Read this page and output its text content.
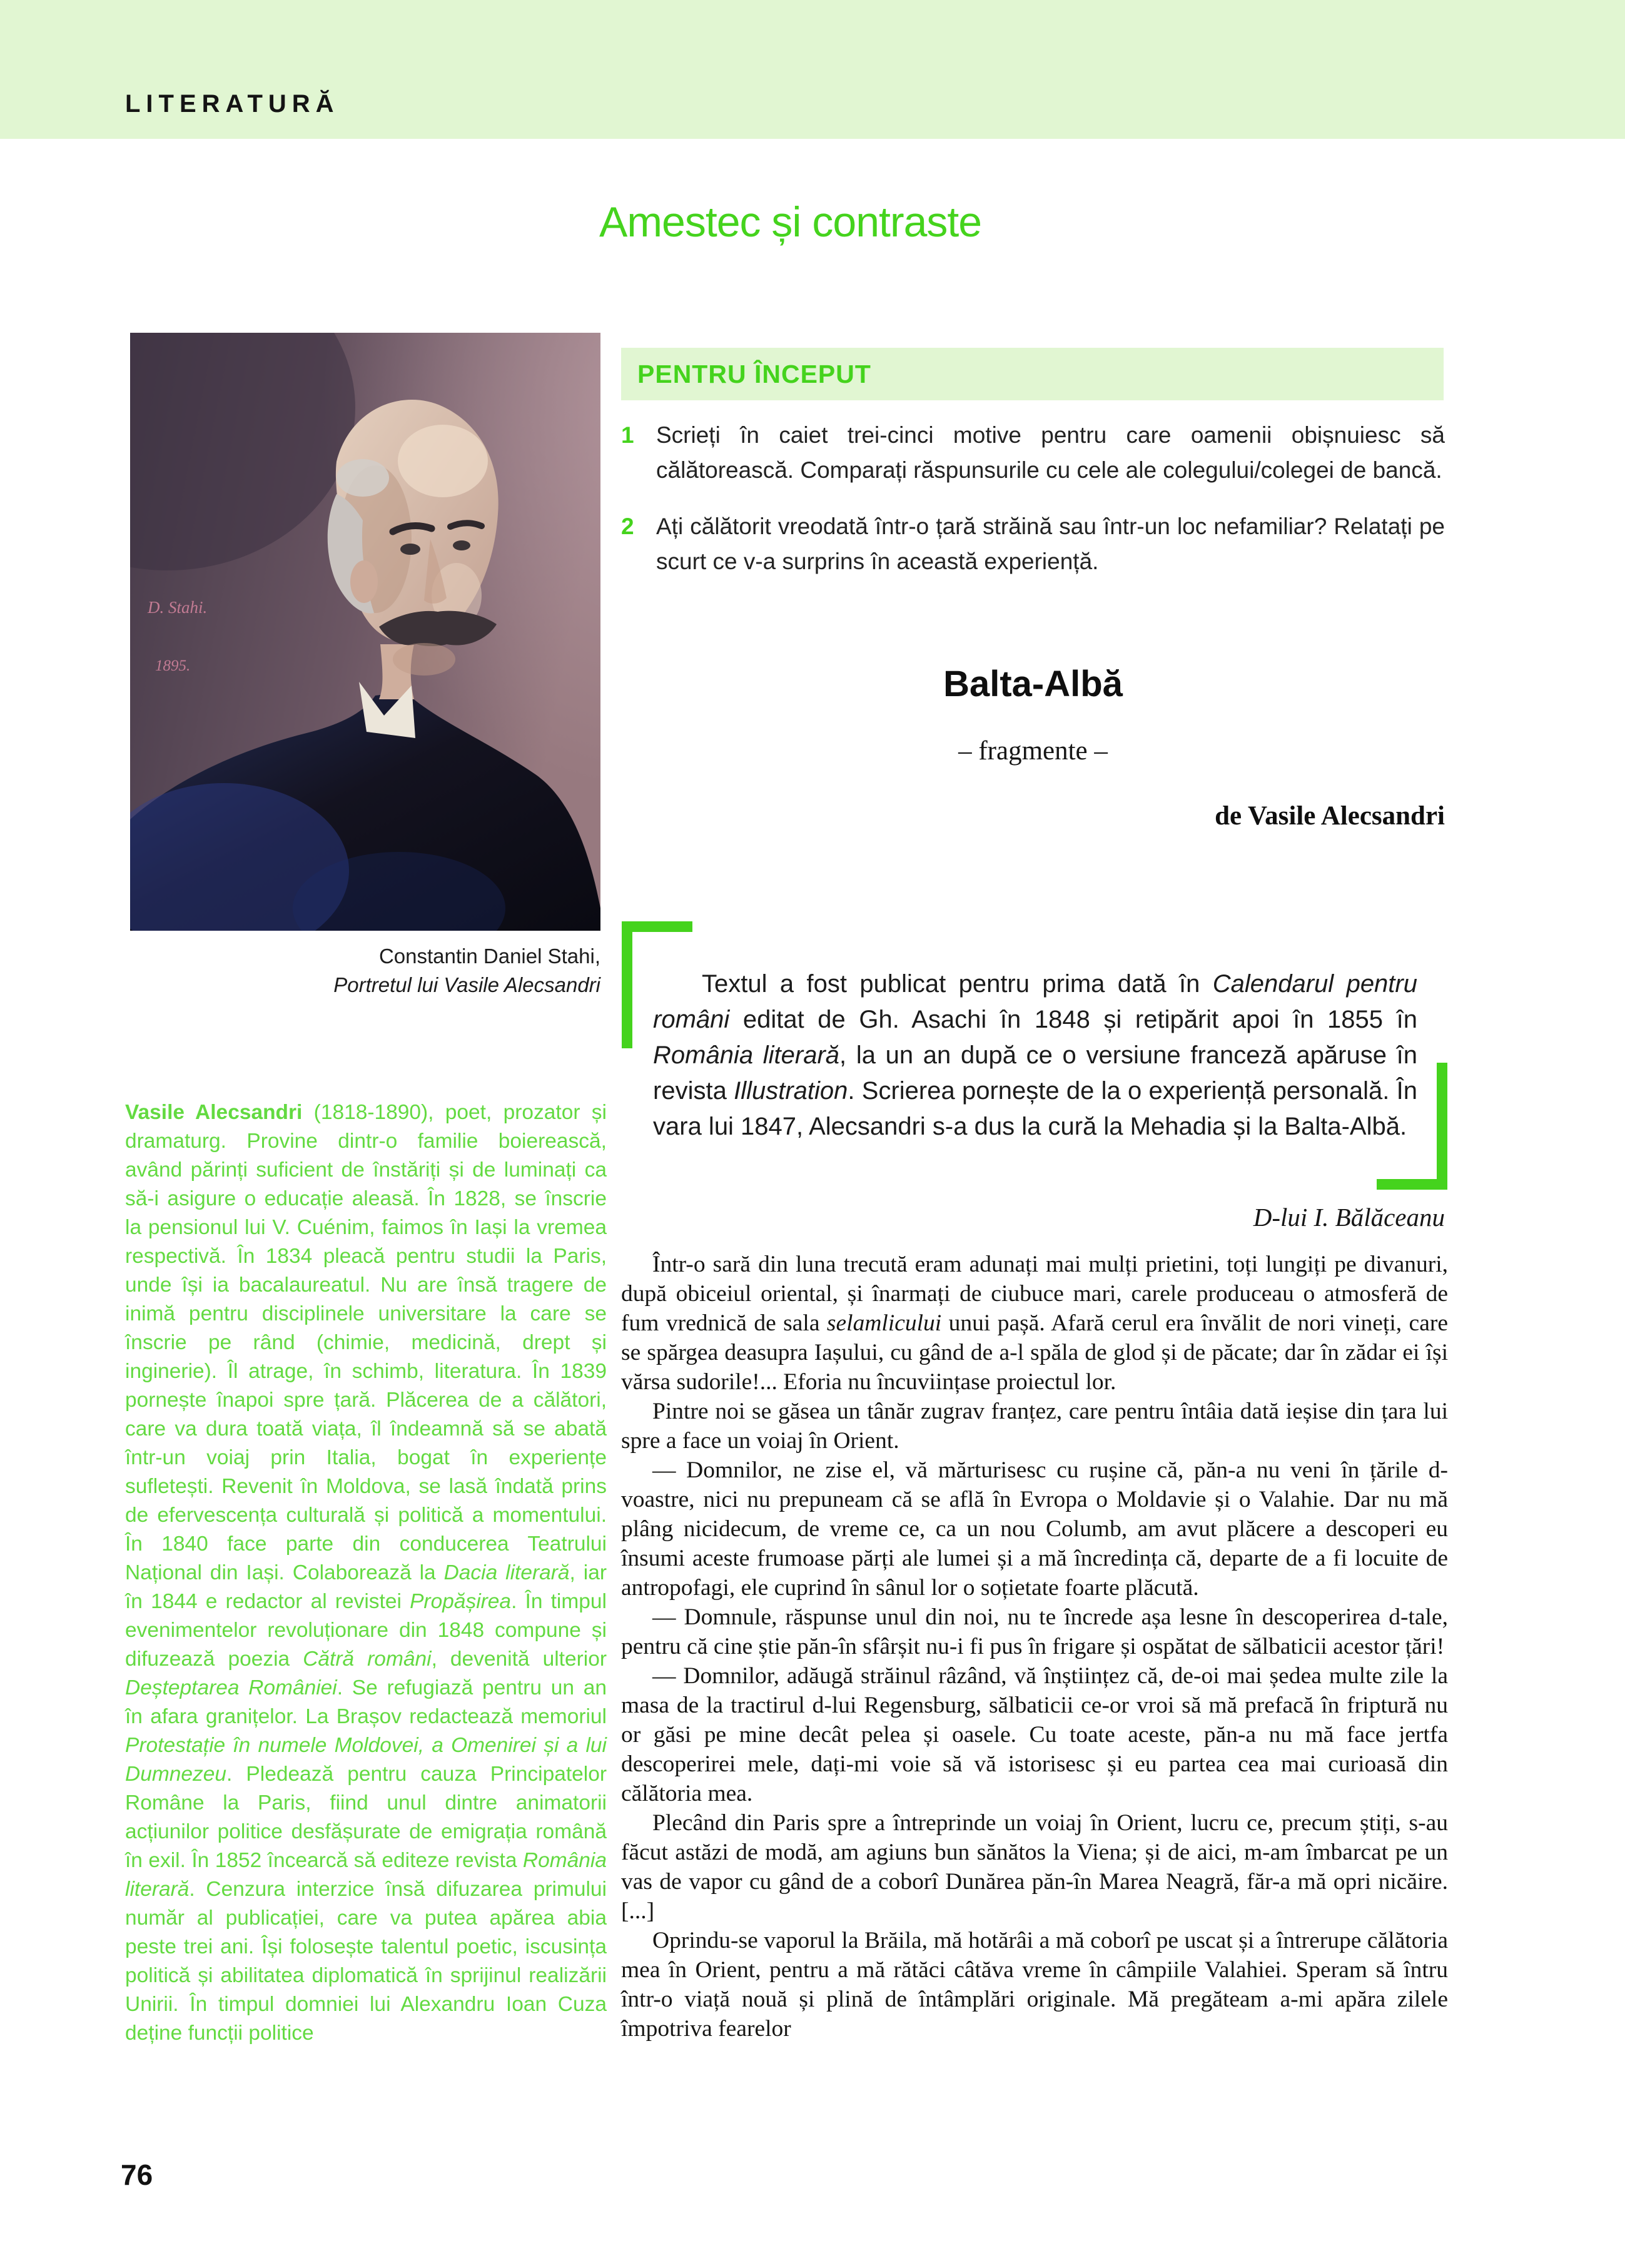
LITERATURĂ
Amestec și contraste
D. Stahi.
1895.
Constantin Daniel Stahi,
Portretul lui Vasile Alecsandri
Vasile Alecsandri (1818-1890), poet, prozator și dramaturg. Provine dintr-o familie boierească, având părinți suficient de înstăriți și de luminați ca să-i asigure o educație aleasă. În 1828, se înscrie la pensionul lui V. Cuénim, faimos în Iași la vremea respectivă. În 1834 pleacă pentru studii la Paris, unde își ia bacalaureatul. Nu are însă tragere de inimă pentru disciplinele universitare la care se înscrie pe rând (chimie, medicină, drept și inginerie). Îl atrage, în schimb, literatura. În 1839 pornește înapoi spre țară. Plăcerea de a călători, care va dura toată viața, îl îndeamnă să se abată într-un voiaj prin Italia, bogat în experiențe sufletești. Revenit în Moldova, se lasă îndată prins de efervescența culturală și politică a momentului. În 1840 face parte din conducerea Teatrului Național din Iași. Colaborează la Dacia literară, iar în 1844 e redactor al revistei Propășirea. În timpul evenimentelor revoluționare din 1848 compune și difuzează poezia Cătră români, devenită ulterior Deșteptarea României. Se refugiază pentru un an în afara granițelor. La Brașov redactează memoriul Protestație în numele Moldovei, a Omenirei și a lui Dumnezeu. Pledează pentru cauza Principatelor Române la Paris, fiind unul dintre animatorii acțiunilor politice desfășurate de emigrația română în exil. În 1852 încearcă să editeze revista România literară. Cenzura interzice însă difuzarea primului număr al publicației, care va putea apărea abia peste trei ani. Își folosește talentul poetic, iscusința politică și abilitatea diplomatică în sprijinul realizării Unirii. În timpul domniei lui Alexandru Ioan Cuza deține funcții politice
PENTRU ÎNCEPUT
1 Scrieți în caiet trei-cinci motive pentru care oamenii obișnuiesc să călătorească. Comparați răspunsurile cu cele ale colegului/colegei de bancă.

2 Ați călătorit vreodată într-o țară străină sau într-un loc nefamiliar? Relatați pe scurt ce v-a surprins în această experiență.

Balta-Albă
– fragmente –
de Vasile Alecsandri

Textul a fost publicat pentru prima dată în Calendarul pentru români editat de Gh. Asachi în 1848 și retipărit apoi în 1855 în România literară, la un an după ce o versiune franceză apăruse în revista Illustration. Scrierea pornește de la o experiență personală. În vara lui 1847, Alecsandri s-a dus la cură la Mehadia și la Balta-Albă.

D-lui I. Bălăceanu

Într-o sară din luna trecută eram adunați mai mulți prietini, toți lungiți pe divanuri, după obiceiul oriental, și înarmați de ciubuce mari, carele produceau o atmosferă de fum vrednică de sala selamlicului unui pașă. Afară cerul era învălit de nori vineți, care se spărgea deasupra Iașului, cu gând de a-l spăla de glod și de păcate; dar în zădar ei își vărsa sudorile!... Eforia nu încuviințase proiectul lor.

Pintre noi se găsea un tânăr zugrav franțez, care pentru întâia dată ieșise din țara lui spre a face un voiaj în Orient.

— Domnilor, ne zise el, vă mărturisesc cu rușine că, păn-a nu veni în țările d-voastre, nici nu prepuneam că se află în Evropa o Moldavie și o Valahie. Dar nu mă plâng nicidecum, de vreme ce, ca un nou Columb, am avut plăcere a descoperi eu însumi aceste frumoase părți ale lumei și a mă încredința că, departe de a fi locuite de antropofagi, ele cuprind în sânul lor o soțietate foarte plăcută.

— Domnule, răspunse unul din noi, nu te încrede așa lesne în descoperirea d-tale, pentru că cine știe păn-în sfârșit nu-i fi pus în frigare și ospătat de sălbaticii acestor țări!

— Domnilor, adăugă străinul râzând, vă înștiințez că, de-oi mai ședea multe zile la masa de la tractirul d-lui Regensburg, sălbaticii ce-or vroi să mă prefacă în friptură nu or găsi pe mine decât pelea și oasele. Cu toate aceste, păn-a nu mă face jertfa descoperirei mele, dați-mi voie să vă istorisesc și eu partea cea mai curioasă din călătoria mea.

Plecând din Paris spre a întreprinde un voiaj în Orient, lucru ce, precum știți, s-au făcut astăzi de modă, am agiuns bun sănătos la Viena; și de aici, m-am îmbarcat pe un vas de vapor cu gând de a coborî Dunărea păn-în Marea Neagră, făr-a mă opri nicăire. [...]

Oprindu-se vaporul la Brăila, mă hotărâi a mă coborî pe uscat și a întrerupe călătoria mea în Orient, pentru a mă rătăci câtăva vreme în câmpiile Valahiei. Speram să întru într-o viață nouă și plină de întâmplări originale. Mă pregăteam a-mi apăra zilele împotriva fearelor

76
